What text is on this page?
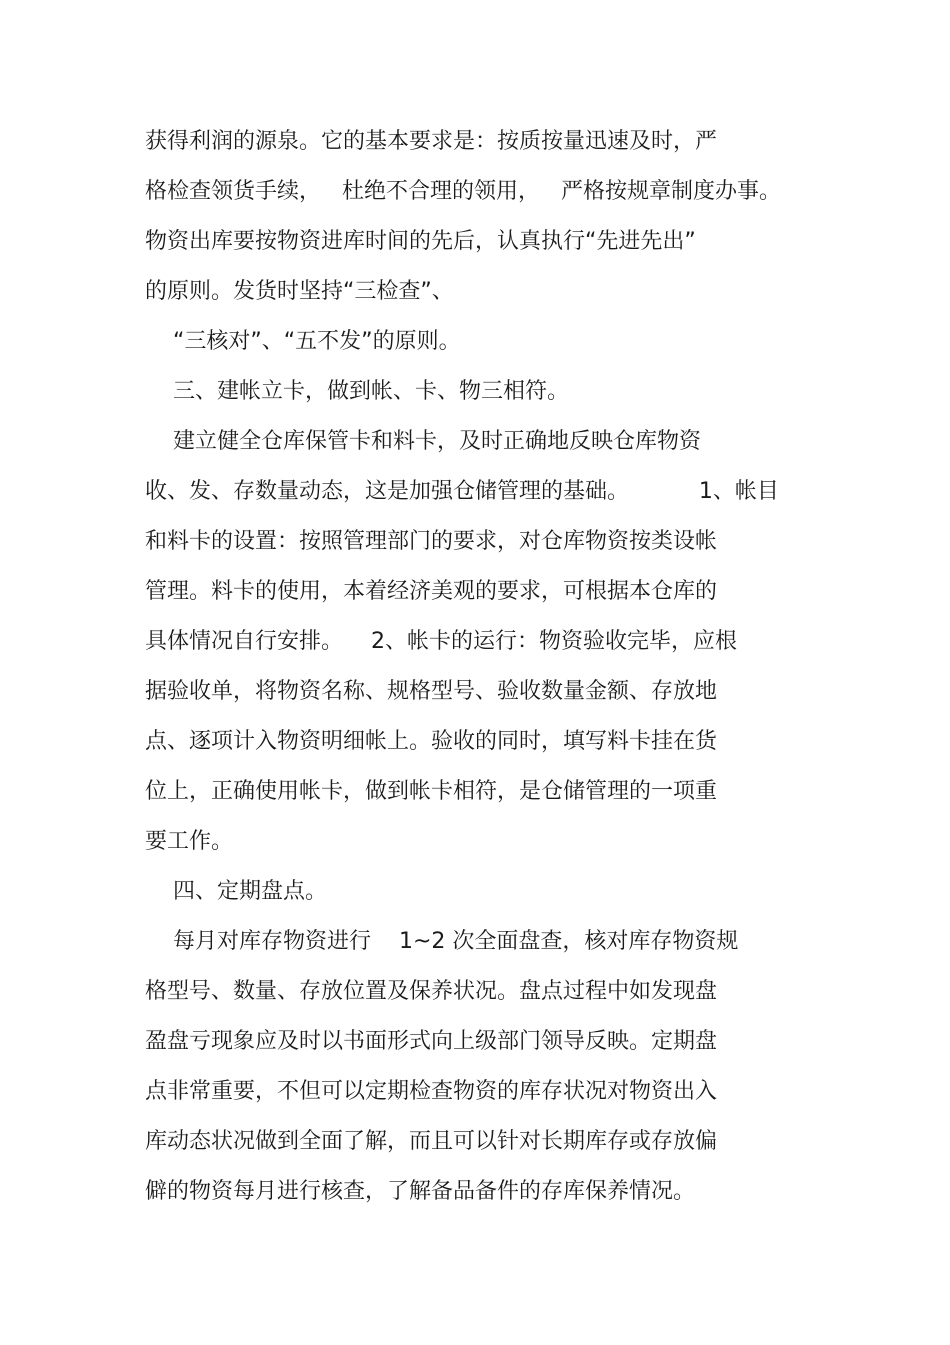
获得利润的源泉。它的基本要求是：按质按量迅速及时，严
格检查领货手续，   杜绝不合理的领用，   严格按规章制度办事。
物资出库要按物资进库时间的先后，认真执行“先进先出”
的原则。发货时坚持“三检查”、
“三核对”、“五不发”的原则。
三、建帐立卡，做到帐、卡、物三相符。
建立健全仓库保管卡和料卡，及时正确地反映仓库物资
收、发、存数量动态，这是加强仓储管理的基础。          1、帐目
和料卡的设置：按照管理部门的要求，对仓库物资按类设帐
管理。料卡的使用，本着经济美观的要求，可根据本仓库的
具体情况自行安排。    2、帐卡的运行：物资验收完毕，应根
据验收单，将物资名称、规格型号、验收数量金额、存放地
点、逐项计入物资明细帐上。验收的同时，填写料卡挂在货
位上，正确使用帐卡，做到帐卡相符，是仓储管理的一项重
要工作。
四、定期盘点。
每月对库存物资进行    1~2 次全面盘查，核对库存物资规
格型号、数量、存放位置及保养状况。盘点过程中如发现盘
盈盘亏现象应及时以书面形式向上级部门领导反映。定期盘
点非常重要，不但可以定期检查物资的库存状况对物资出入
库动态状况做到全面了解，而且可以针对长期库存或存放偏
僻的物资每月进行核查，了解备品备件的存库保养情况。
